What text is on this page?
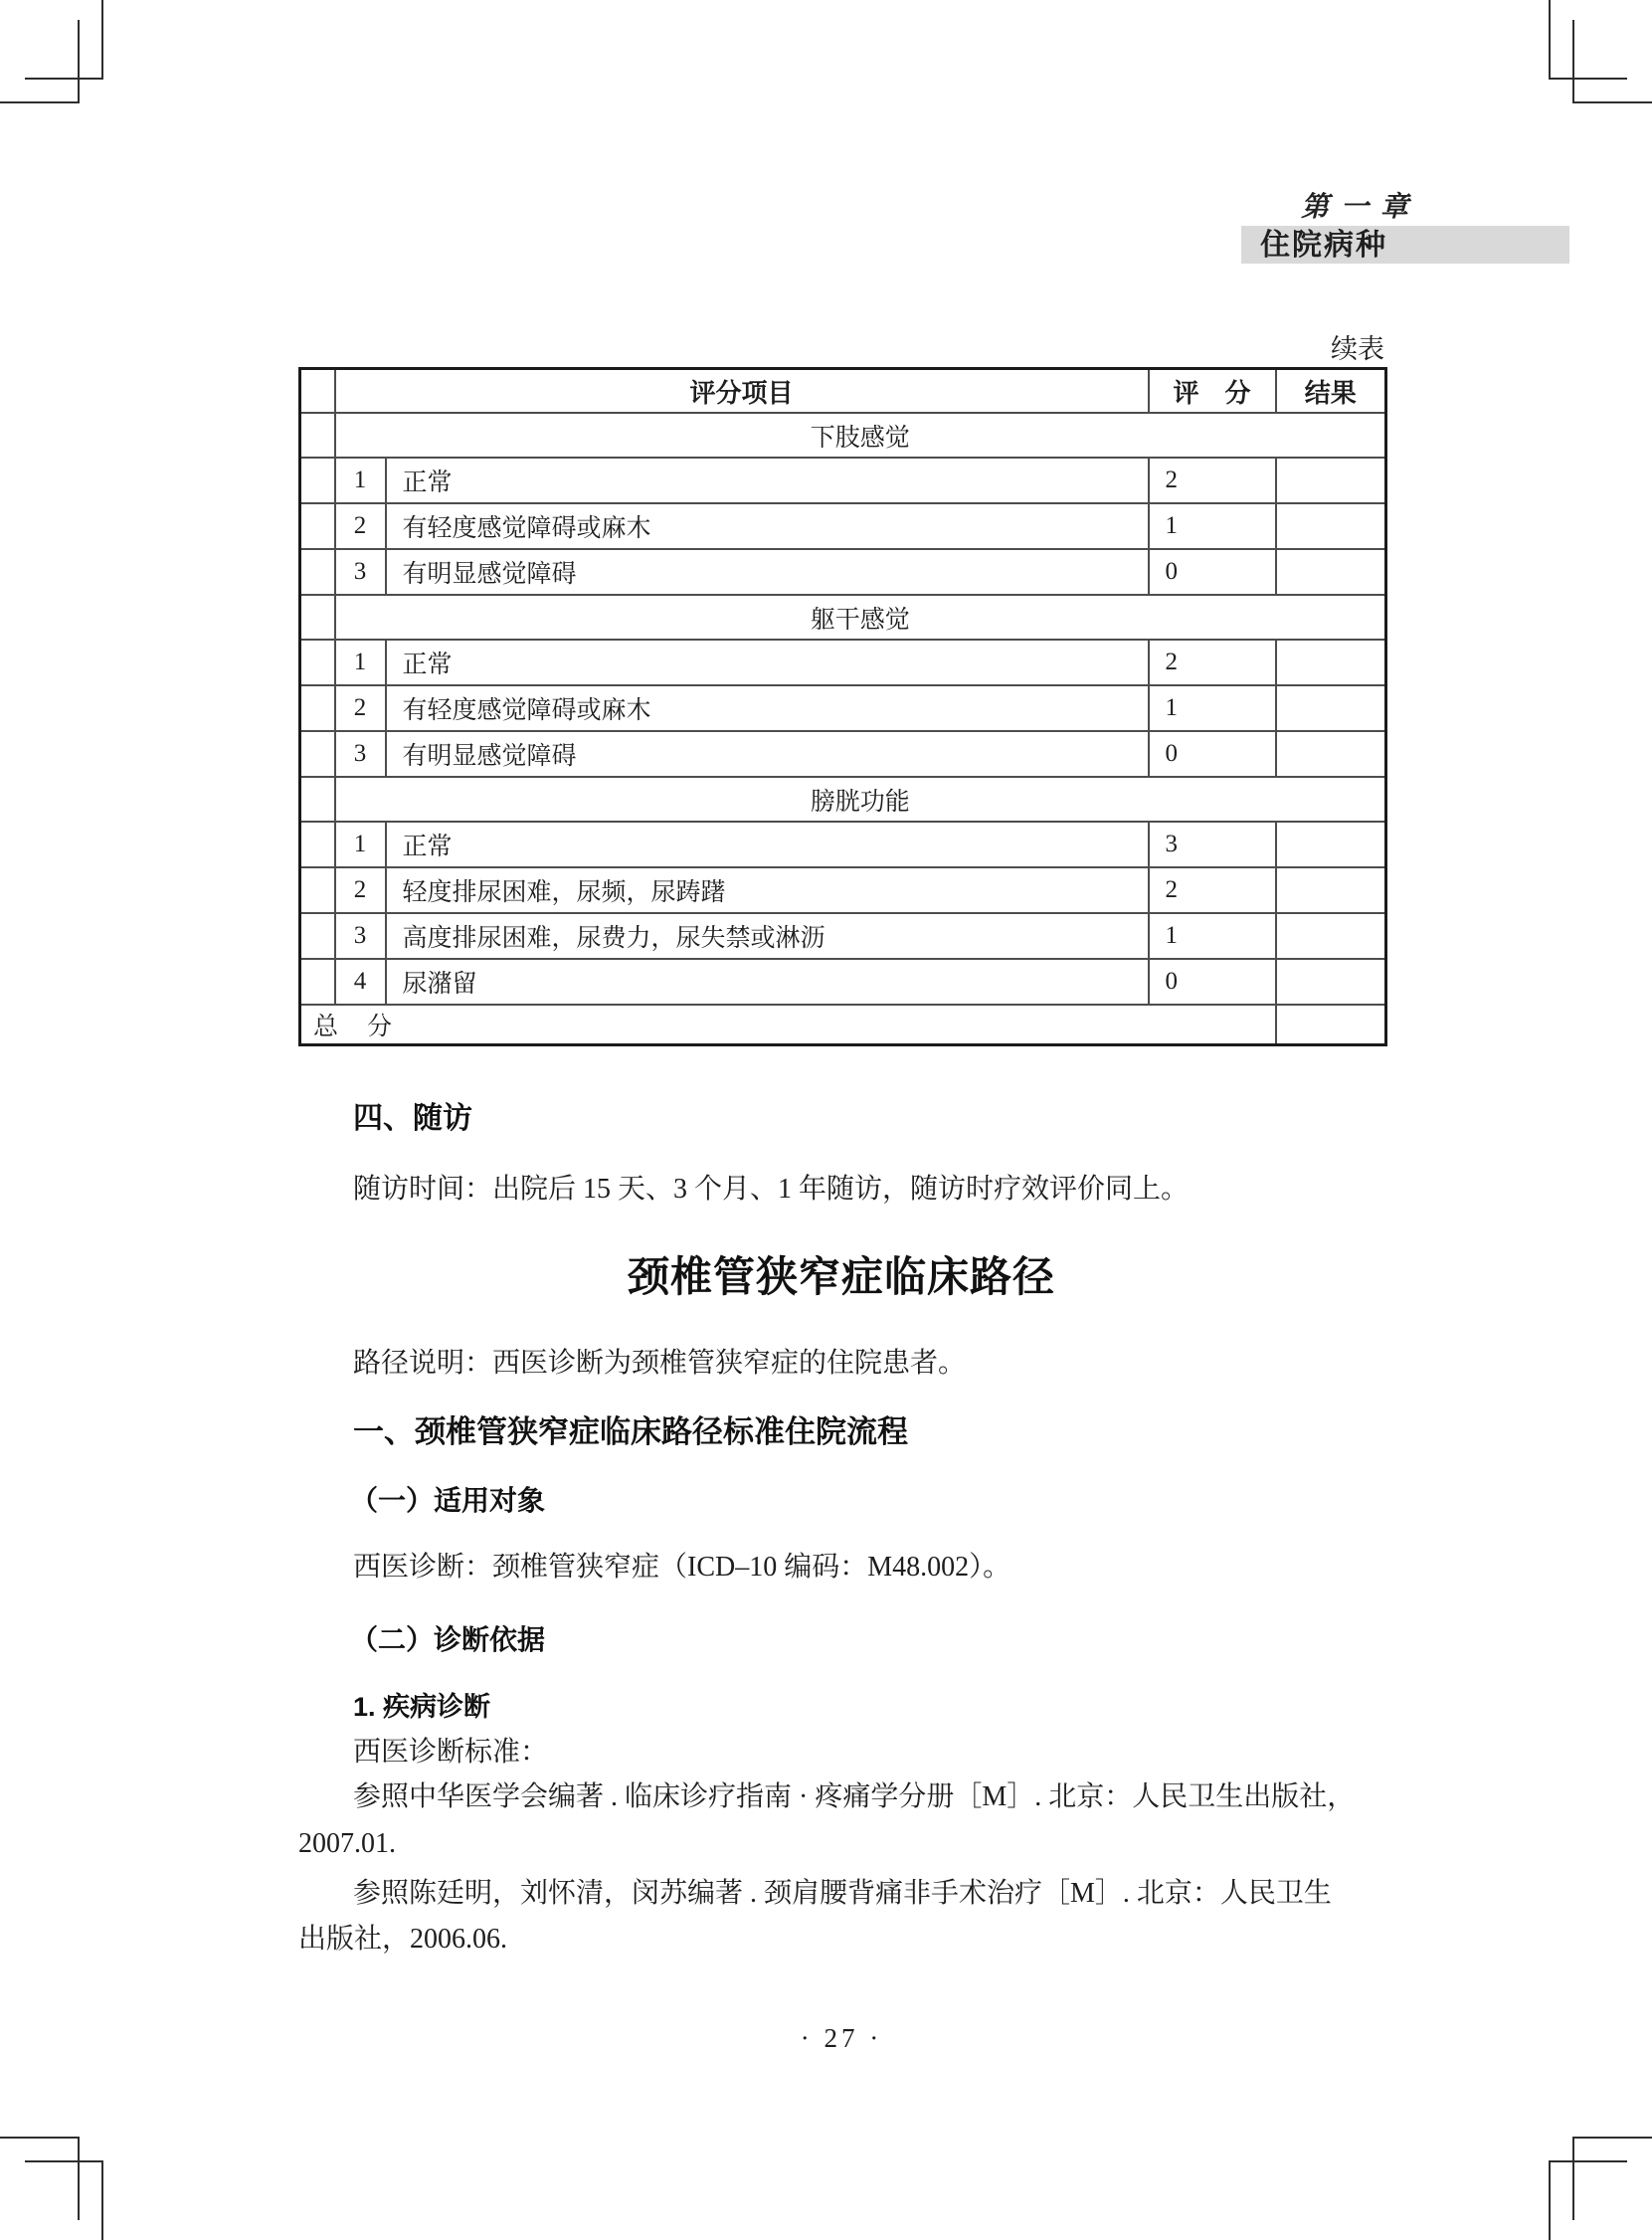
第一章
住院病种
续表
	评分项目		评　分	结果
	下肢感觉			
	1	正常	2	
	2	有轻度感觉障碍或麻木	1	
	3	有明显感觉障碍	0	
	躯干感觉			
	1	正常	2	
	2	有轻度感觉障碍或麻木	1	
	3	有明显感觉障碍	0	
	膀胱功能			
	1	正常	3	
	2	轻度排尿困难，尿频，尿踌躇	2	
	3	高度排尿困难，尿费力，尿失禁或淋沥	1	
	4	尿潴留	0	
总　分				
四、随访
随访时间：出院后 15 天、3 个月、1 年随访，随访时疗效评价同上。
颈椎管狭窄症临床路径
路径说明：西医诊断为颈椎管狭窄症的住院患者。
一、颈椎管狭窄症临床路径标准住院流程
（一）适用对象
西医诊断：颈椎管狭窄症（ICD–10 编码：M48.002）。
（二）诊断依据
1. 疾病诊断
西医诊断标准：
参照中华医学会编著 . 临床诊疗指南 · 疼痛学分册［M］. 北京：人民卫生出版社，
2007.01.
参照陈廷明，刘怀清，闵苏编著 . 颈肩腰背痛非手术治疗［M］. 北京：人民卫生
出版社，2006.06.
· 27 ·
